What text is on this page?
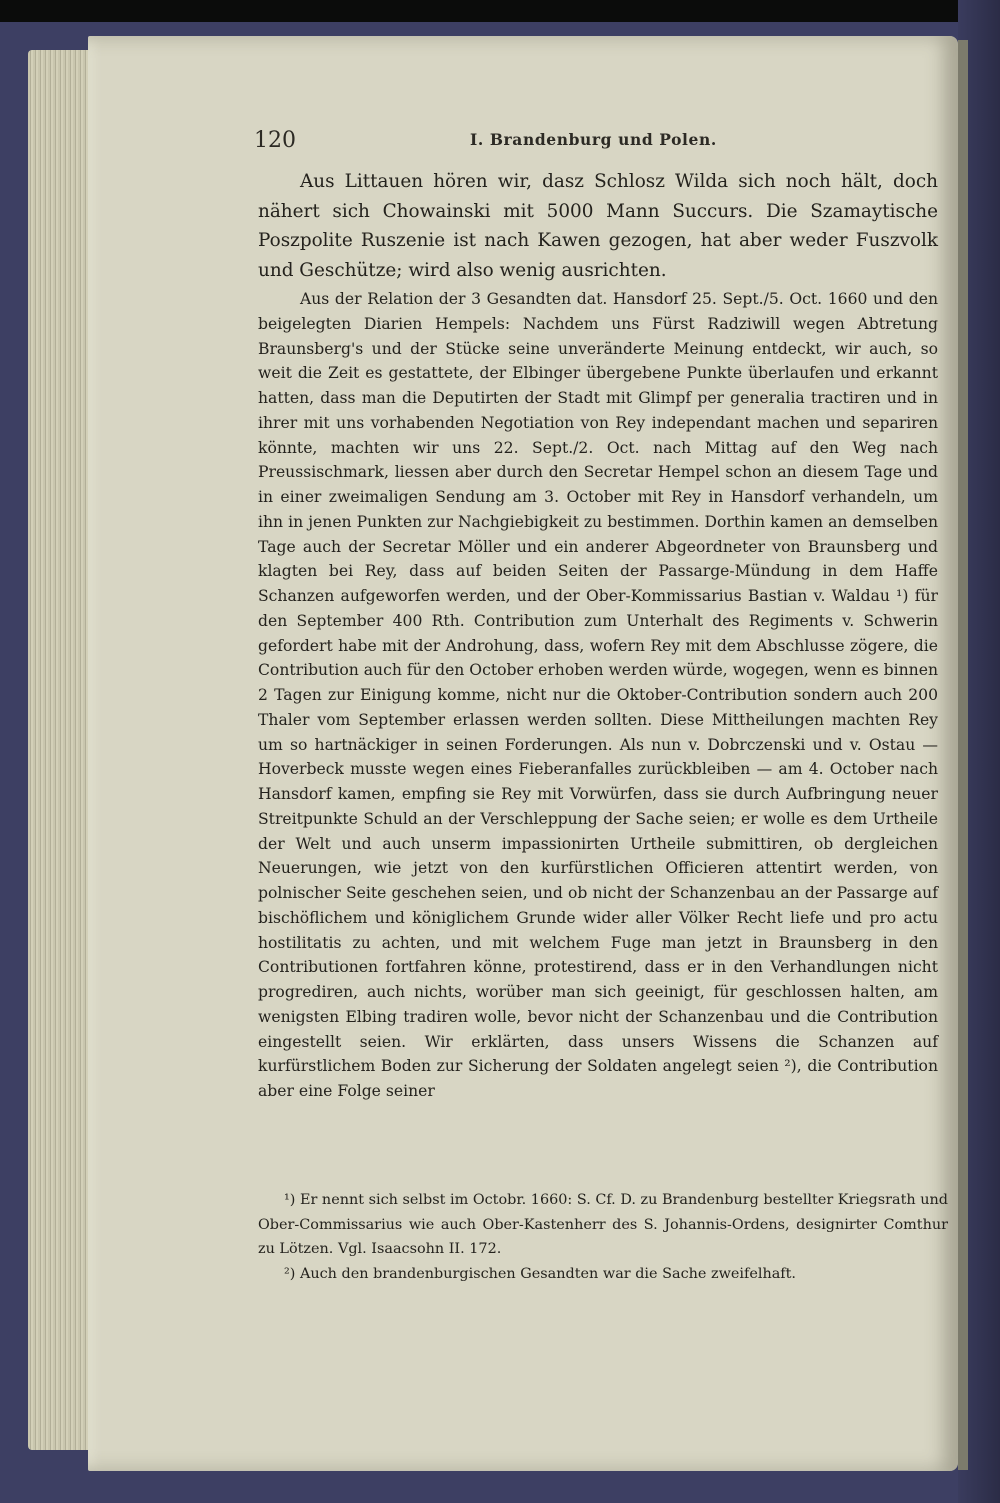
120	I. Brandenburg und Polen.

Aus Littauen hören wir, dasz Schlosz Wilda sich noch hält, doch nähert sich Chowainski mit 5000 Mann Succurs. Die Szamaytische Poszpolite Ruszenie ist nach Kawen gezogen, hat aber weder Fuszvolk und Geschütze; wird also wenig ausrichten.

Aus der Relation der 3 Gesandten dat. Hansdorf 25. Sept./5. Oct. 1660 und den beigelegten Diarien Hempels: Nachdem uns Fürst Radziwill wegen Abtretung Braunsberg's und der Stücke seine unveränderte Meinung entdeckt, wir auch, so weit die Zeit es gestattete, der Elbinger übergebene Punkte überlaufen und erkannt hatten, dass man die Deputirten der Stadt mit Glimpf per generalia tractiren und in ihrer mit uns vorhabenden Negotiation von Rey independant machen und separiren könnte, machten wir uns 22. Sept./2. Oct. nach Mittag auf den Weg nach Preussischmark, liessen aber durch den Secretar Hempel schon an diesem Tage und in einer zweimaligen Sendung am 3. October mit Rey in Hansdorf verhandeln, um ihn in jenen Punkten zur Nachgiebigkeit zu bestimmen. Dorthin kamen an demselben Tage auch der Secretar Möller und ein anderer Abgeordneter von Braunsberg und klagten bei Rey, dass auf beiden Seiten der Passarge-Mündung in dem Haffe Schanzen aufgeworfen werden, und der Ober-Kommissarius Bastian v. Waldau ¹) für den September 400 Rth. Contribution zum Unterhalt des Regiments v. Schwerin gefordert habe mit der Androhung, dass, wofern Rey mit dem Abschlusse zögere, die Contribution auch für den October erhoben werden würde, wogegen, wenn es binnen 2 Tagen zur Einigung komme, nicht nur die Oktober-Contribution sondern auch 200 Thaler vom September erlassen werden sollten. Diese Mittheilungen machten Rey um so hartnäckiger in seinen Forderungen. Als nun v. Dobrczenski und v. Ostau — Hoverbeck musste wegen eines Fieberanfalles zurückbleiben — am 4. October nach Hansdorf kamen, empfing sie Rey mit Vorwürfen, dass sie durch Aufbringung neuer Streitpunkte Schuld an der Verschleppung der Sache seien; er wolle es dem Urtheile der Welt und auch unserm impassionirten Urtheile submittiren, ob dergleichen Neuerungen, wie jetzt von den kurfürstlichen Officieren attentirt werden, von polnischer Seite geschehen seien, und ob nicht der Schanzenbau an der Passarge auf bischöflichem und königlichem Grunde wider aller Völker Recht liefe und pro actu hostilitatis zu achten, und mit welchem Fuge man jetzt in Braunsberg in den Contributionen fortfahren könne, protestirend, dass er in den Verhandlungen nicht progrediren, auch nichts, worüber man sich geeinigt, für geschlossen halten, am wenigsten Elbing tradiren wolle, bevor nicht der Schanzenbau und die Contribution eingestellt seien. Wir erklärten, dass unsers Wissens die Schanzen auf kurfürstlichem Boden zur Sicherung der Soldaten angelegt seien ²), die Contribution aber eine Folge seiner

¹) Er nennt sich selbst im Octobr. 1660: S. Cf. D. zu Brandenburg bestellter Kriegsrath und Ober-Commissarius wie auch Ober-Kastenherr des S. Johannis-Ordens, designirter Comthur zu Lötzen. Vgl. Isaacsohn II. 172.

²) Auch den brandenburgischen Gesandten war die Sache zweifelhaft.
